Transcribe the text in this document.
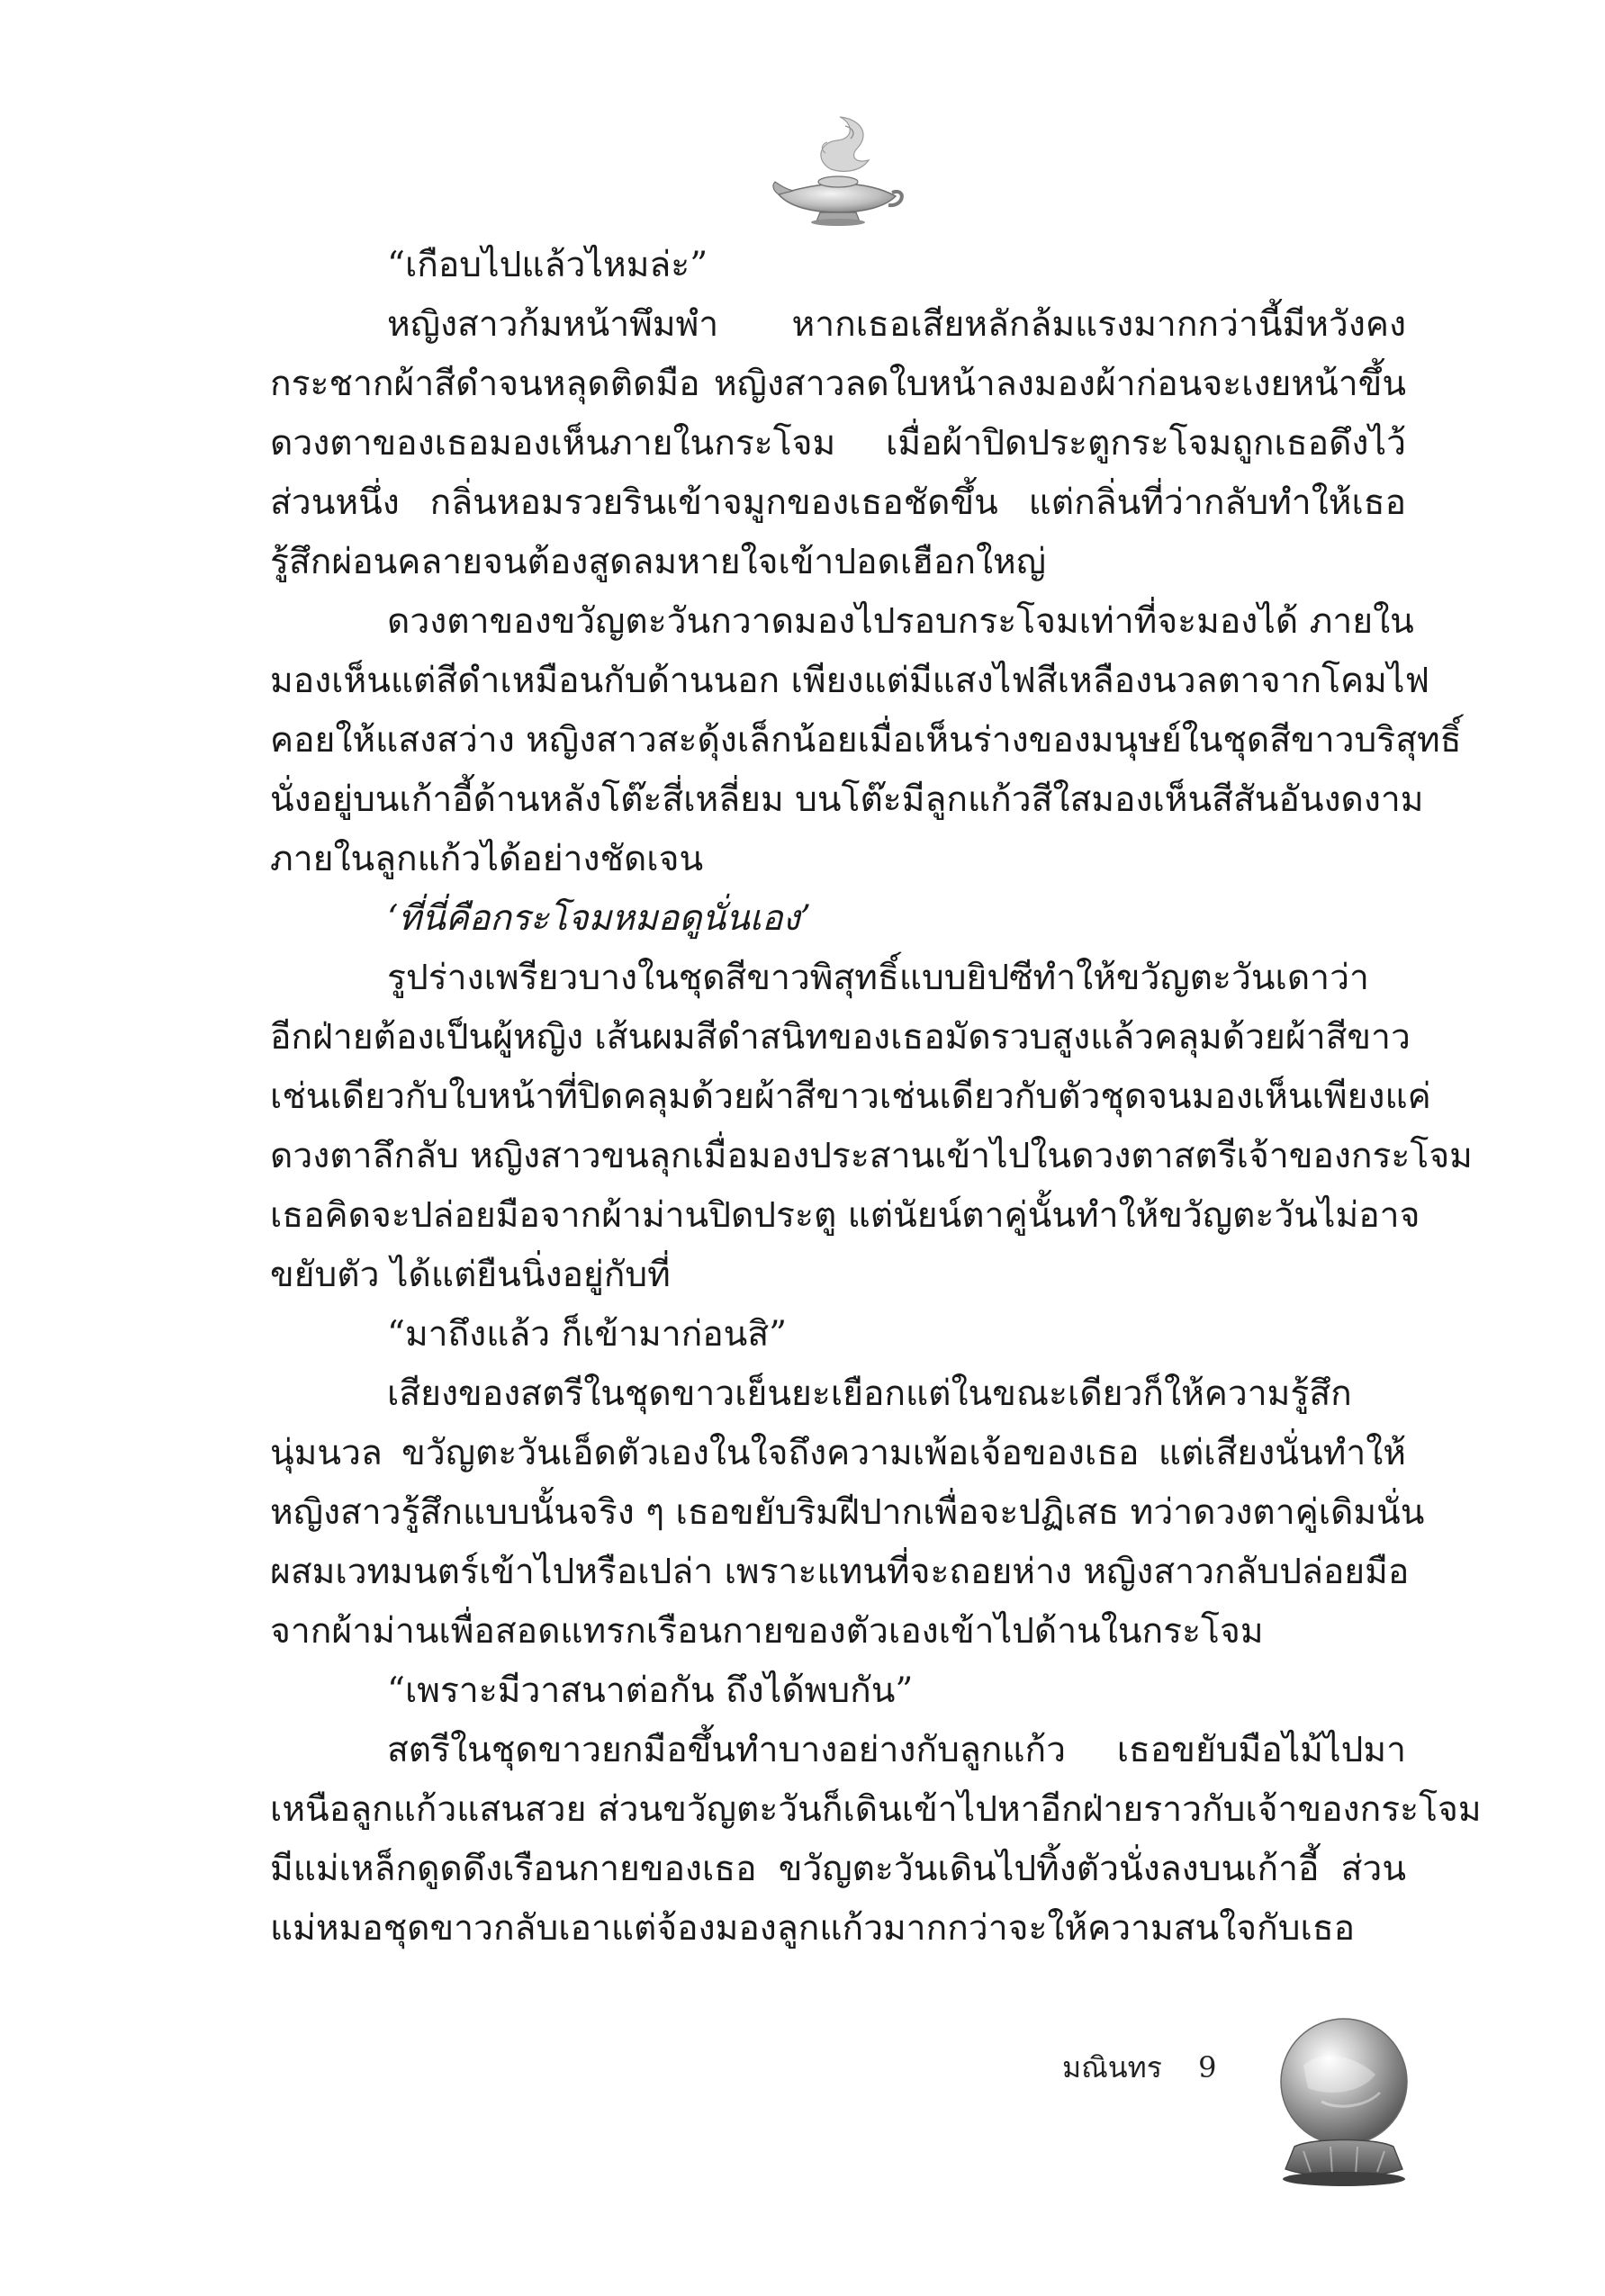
“เกือบไปแล้วไหมล่ะ”
หญิงสาวก้มหน้าพึมพำ หากเธอเสียหลักล้มแรงมากกว่านี้มีหวังคง
กระชากผ้าสีดำจนหลุดติดมือ หญิงสาวลดใบหน้าลงมองผ้าก่อนจะเงยหน้าขึ้น
ดวงตาของเธอมองเห็นภายในกระโจม เมื่อผ้าปิดประตูกระโจมถูกเธอดึงไว้
ส่วนหนึ่ง กลิ่นหอมรวยรินเข้าจมูกของเธอชัดขึ้น แต่กลิ่นที่ว่ากลับทำให้เธอ
รู้สึกผ่อนคลายจนต้องสูดลมหายใจเข้าปอดเฮือกใหญ่
ดวงตาของขวัญตะวันกวาดมองไปรอบกระโจมเท่าที่จะมองได้ ภายใน
มองเห็นแต่สีดำเหมือนกับด้านนอก เพียงแต่มีแสงไฟสีเหลืองนวลตาจากโคมไฟ
คอยให้แสงสว่าง หญิงสาวสะดุ้งเล็กน้อยเมื่อเห็นร่างของมนุษย์ในชุดสีขาวบริสุทธิ์
นั่งอยู่บนเก้าอี้ด้านหลังโต๊ะสี่เหลี่ยม บนโต๊ะมีลูกแก้วสีใสมองเห็นสีสันอันงดงาม
ภายในลูกแก้วได้อย่างชัดเจน
‘ที่นี่คือกระโจมหมอดูนั่นเอง’
รูปร่างเพรียวบางในชุดสีขาวพิสุทธิ์แบบยิปซีทำให้ขวัญตะวันเดาว่า
อีกฝ่ายต้องเป็นผู้หญิง เส้นผมสีดำสนิทของเธอมัดรวบสูงแล้วคลุมด้วยผ้าสีขาว
เช่นเดียวกับใบหน้าที่ปิดคลุมด้วยผ้าสีขาวเช่นเดียวกับตัวชุดจนมองเห็นเพียงแค่
ดวงตาลึกลับ หญิงสาวขนลุกเมื่อมองประสานเข้าไปในดวงตาสตรีเจ้าของกระโจม
เธอคิดจะปล่อยมือจากผ้าม่านปิดประตู แต่นัยน์ตาคู่นั้นทำให้ขวัญตะวันไม่อาจ
ขยับตัว ได้แต่ยืนนิ่งอยู่กับที่
“มาถึงแล้ว ก็เข้ามาก่อนสิ”
เสียงของสตรีในชุดขาวเย็นยะเยือกแต่ในขณะเดียวก็ให้ความรู้สึก
นุ่มนวล ขวัญตะวันเอ็ดตัวเองในใจถึงความเพ้อเจ้อของเธอ แต่เสียงนั่นทำให้
หญิงสาวรู้สึกแบบนั้นจริง ๆ เธอขยับริมฝีปากเพื่อจะปฏิเสธ ทว่าดวงตาคู่เดิมนั่น
ผสมเวทมนตร์เข้าไปหรือเปล่า เพราะแทนที่จะถอยห่าง หญิงสาวกลับปล่อยมือ
จากผ้าม่านเพื่อสอดแทรกเรือนกายของตัวเองเข้าไปด้านในกระโจม
“เพราะมีวาสนาต่อกัน ถึงได้พบกัน”
สตรีในชุดขาวยกมือขึ้นทำบางอย่างกับลูกแก้ว เธอขยับมือไม้ไปมา
เหนือลูกแก้วแสนสวย ส่วนขวัญตะวันก็เดินเข้าไปหาอีกฝ่ายราวกับเจ้าของกระโจม
มีแม่เหล็กดูดดึงเรือนกายของเธอ ขวัญตะวันเดินไปทิ้งตัวนั่งลงบนเก้าอี้ ส่วน
แม่หมอชุดขาวกลับเอาแต่จ้องมองลูกแก้วมากกว่าจะให้ความสนใจกับเธอ
มณินทร 9
